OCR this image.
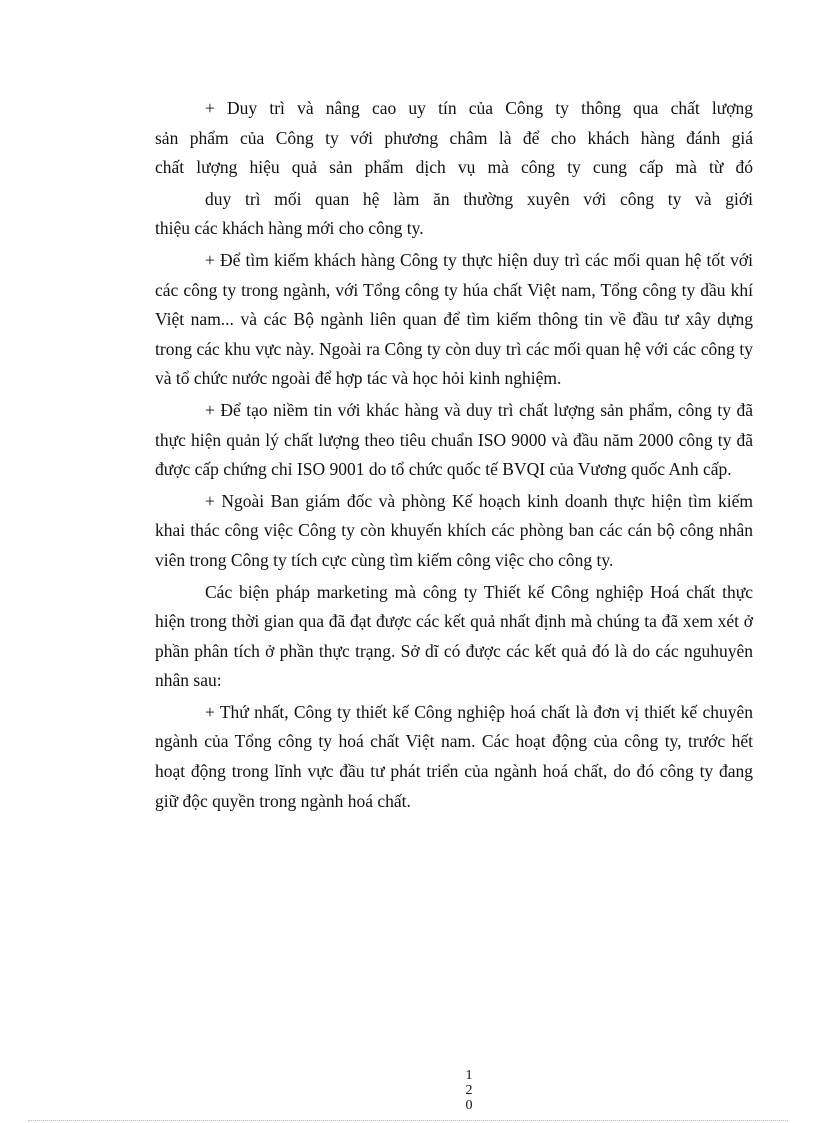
+ Duy trì và nâng cao uy tín của Công ty thông qua chất lượng
sản phẩm của Công ty với phương châm là để cho khách hàng đánh giá
chất lượng hiệu quả sản phẩm dịch vụ mà công ty cung cấp mà từ đó
duy trì mối quan hệ làm ăn thường xuyên với công ty và giới
thiệu các khách hàng mới cho công ty.

+ Để tìm kiếm khách hàng Công ty thực hiện duy trì các mối quan hệ tốt với các công ty trong ngành, với Tổng công ty húa chất Việt nam, Tổng công ty dầu khí Việt nam... và các Bộ ngành liên quan để tìm kiếm thông tin về đầu tư xây dựng trong các khu vực này. Ngoài ra Công ty còn duy trì các mối quan hệ với các công ty và tổ chức nước ngoài để hợp tác và học hỏi kinh nghiệm.

+ Để tạo niềm tin với khác hàng và duy trì chất lượng sản phẩm, công ty đã thực hiện quản lý chất lượng theo tiêu chuẩn ISO 9000 và đầu năm 2000 công ty đã được cấp chứng chỉ ISO 9001 do tổ chức quốc tế BVQI của Vương quốc Anh cấp.

+ Ngoài Ban giám đốc và phòng Kế hoạch kinh doanh thực hiện tìm kiếm khai thác công việc Công ty còn khuyến khích các phòng ban các cán bộ công nhân viên trong Công ty tích cực cùng tìm kiếm công việc cho công ty.

Các biện pháp marketing mà công ty Thiết kế Công nghiệp Hoá chất thực hiện trong thời gian qua đã đạt được các kết quả nhất định mà chúng ta đã xem xét ở phần phân tích ở phần thực trạng. Sở dĩ có được các kết quả đó là do các nguhuyên nhân sau:

+ Thứ nhất, Công ty thiết kế Công nghiệp hoá chất là đơn vị thiết kế chuyên ngành của Tổng công ty hoá chất Việt nam. Các hoạt động của công ty, trước hết hoạt động trong lĩnh vực đầu tư phát triển của ngành hoá chất, do đó công ty đang giữ độc quyền trong ngành hoá chất.

1
2
0
